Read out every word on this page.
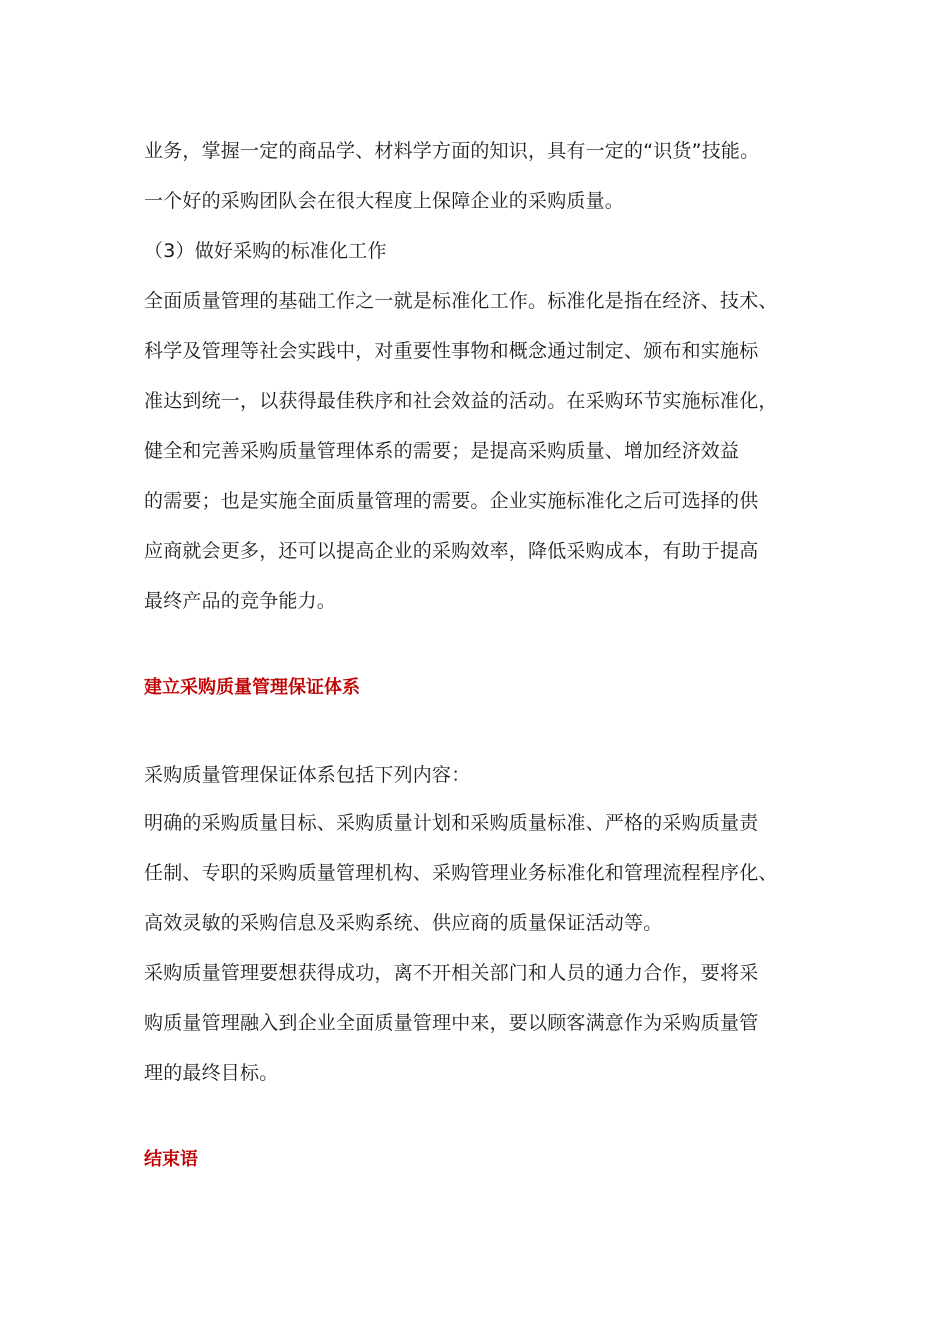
业务，掌握一定的商品学、材料学方面的知识，具有一定的“识货”技能。
一个好的采购团队会在很大程度上保障企业的采购质量。
（3）做好采购的标准化工作
全面质量管理的基础工作之一就是标准化工作。标准化是指在经济、技术、
科学及管理等社会实践中，对重要性事物和概念通过制定、颁布和实施标
准达到统一，以获得最佳秩序和社会效益的活动。在采购环节实施标准化，
健全和完善采购质量管理体系的需要；是提高采购质量、增加经济效益
的需要；也是实施全面质量管理的需要。企业实施标准化之后可选择的供
应商就会更多，还可以提高企业的采购效率，降低采购成本，有助于提高
最终产品的竞争能力。
建立采购质量管理保证体系
采购质量管理保证体系包括下列内容：
明确的采购质量目标、采购质量计划和采购质量标准、严格的采购质量责
任制、专职的采购质量管理机构、采购管理业务标准化和管理流程程序化、
高效灵敏的采购信息及采购系统、供应商的质量保证活动等。
采购质量管理要想获得成功，离不开相关部门和人员的通力合作，要将采
购质量管理融入到企业全面质量管理中来，要以顾客满意作为采购质量管
理的最终目标。
结束语
